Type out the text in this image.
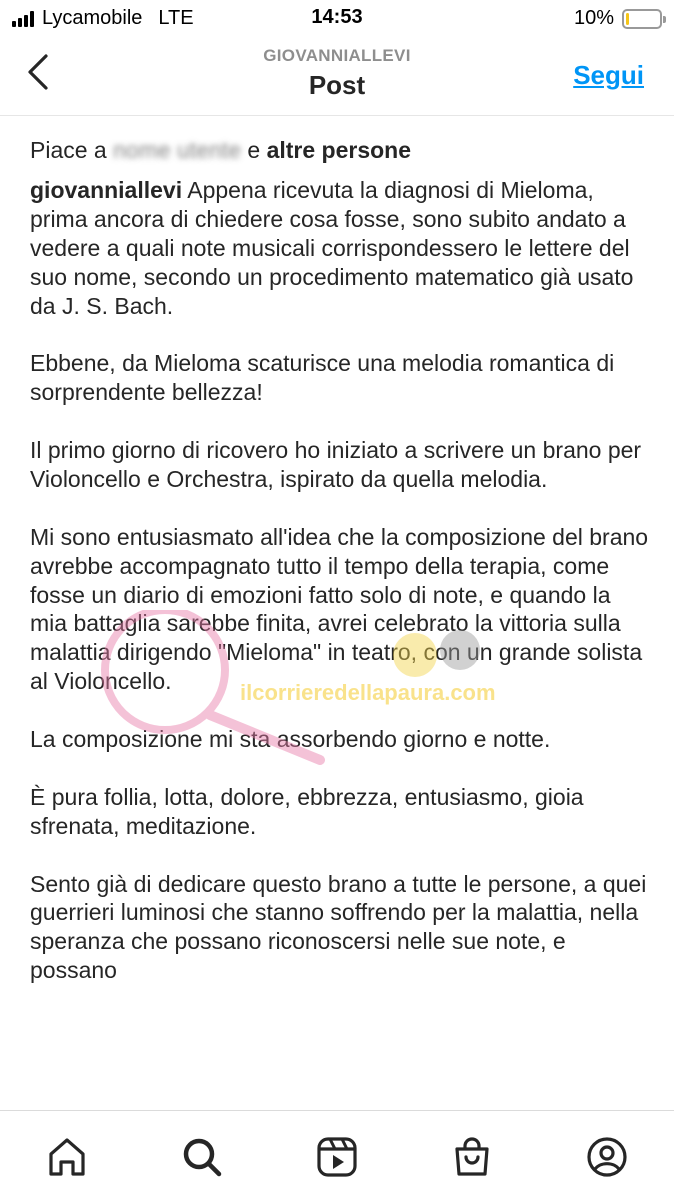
Lycamobile LTE	14:53	10%
GIOVANNIALLEVI
Post	Segui
Piace a nome utente e altre persone
giovanniallevi Appena ricevuta la diagnosi di Mieloma, prima ancora di chiedere cosa fosse, sono subito andato a vedere a quali note musicali corrispondessero le lettere del suo nome, secondo un procedimento matematico già usato da J. S. Bach.
Ebbene, da Mieloma scaturisce una melodia romantica di sorprendente bellezza!
Il primo giorno di ricovero ho iniziato a scrivere un brano per Violoncello e Orchestra, ispirato da quella melodia.
Mi sono entusiasmato all'idea che la composizione del brano avrebbe accompagnato tutto il tempo della terapia, come fosse un diario di emozioni fatto solo di note, e quando la mia battaglia sarebbe finita, avrei celebrato la vittoria sulla malattia dirigendo "Mieloma" in teatro, con un grande solista al Violoncello.
La composizione mi sta assorbendo giorno e notte.
È pura follia, lotta, dolore, ebbrezza, entusiasmo, gioia sfrenata, meditazione.
Sento già di dedicare questo brano a tutte le persone, a quei guerrieri luminosi che stanno soffrendo per la malattia, nella speranza che possano riconoscersi nelle sue note, e possano
ilcorrieredellapaura.com
